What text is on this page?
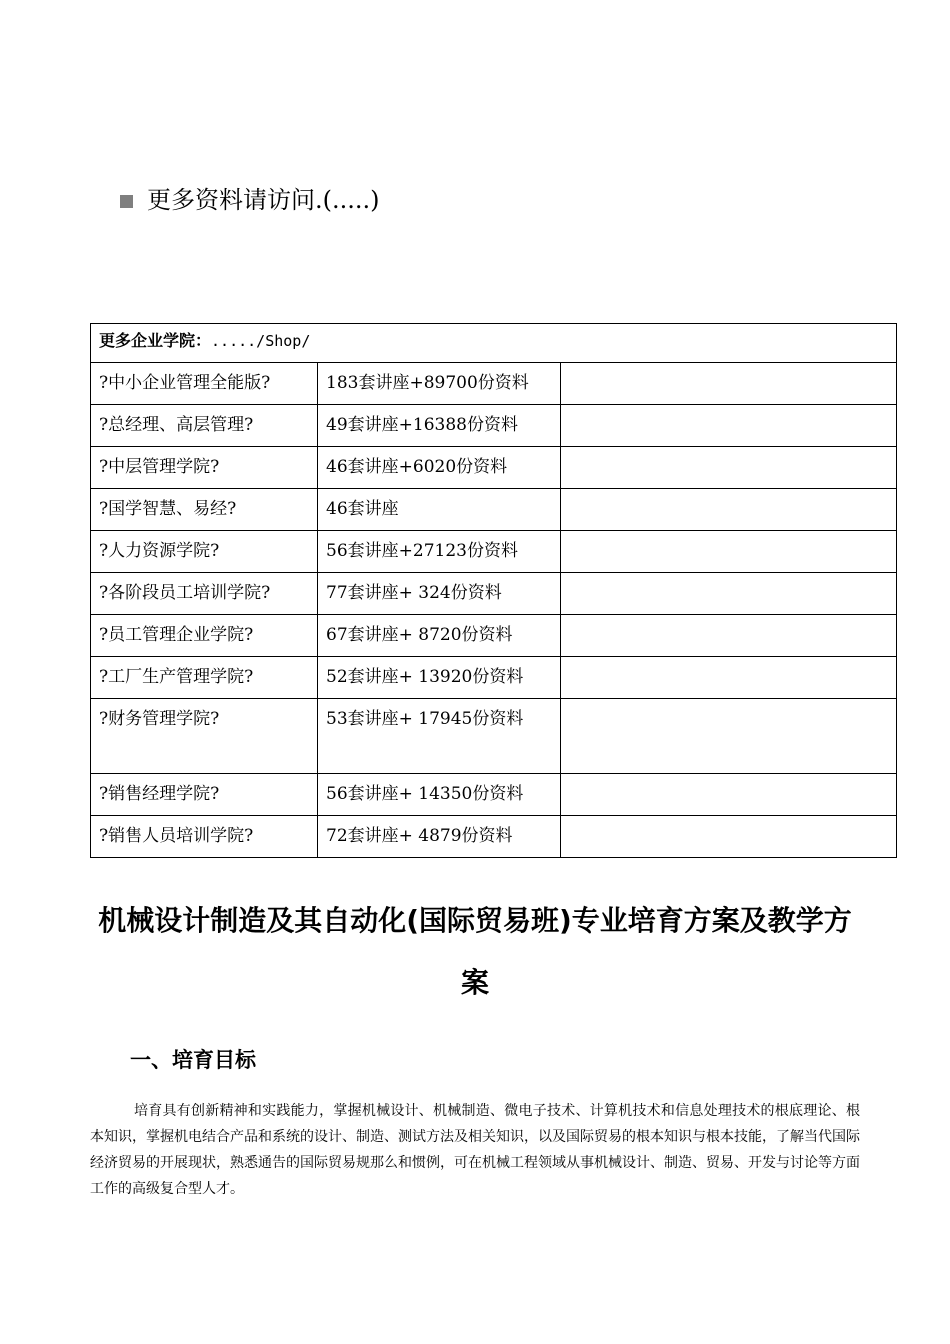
更多资料请访问.(.....)
更多企业学院：...../Shop/		
?中小企业管理全能版?	183套讲座+89700份资料	
?总经理、高层管理?	49套讲座+16388份资料	
?中层管理学院?	46套讲座+6020份资料	
?国学智慧、易经?	46套讲座	
?人力资源学院?	56套讲座+27123份资料	
?各阶段员工培训学院?	77套讲座+ 324份资料	
?员工管理企业学院?	67套讲座+ 8720份资料	
?工厂生产管理学院?	52套讲座+ 13920份资料	
?财务管理学院?	53套讲座+ 17945份资料	
?销售经理学院?	56套讲座+ 14350份资料	
?销售人员培训学院?	72套讲座+ 4879份资料	
机械设计制造及其自动化(国际贸易班)专业培育方案及教学方案
一、培育目标
培育具有创新精神和实践能力，掌握机械设计、机械制造、微电子技术、计算机技术和信息处理技术的根底理论、根本知识，掌握机电结合产品和系统的设计、制造、测试方法及相关知识，以及国际贸易的根本知识与根本技能，了解当代国际经济贸易的开展现状，熟悉通告的国际贸易规那么和惯例，可在机械工程领域从事机械设计、制造、贸易、开发与讨论等方面工作的高级复合型人才。
